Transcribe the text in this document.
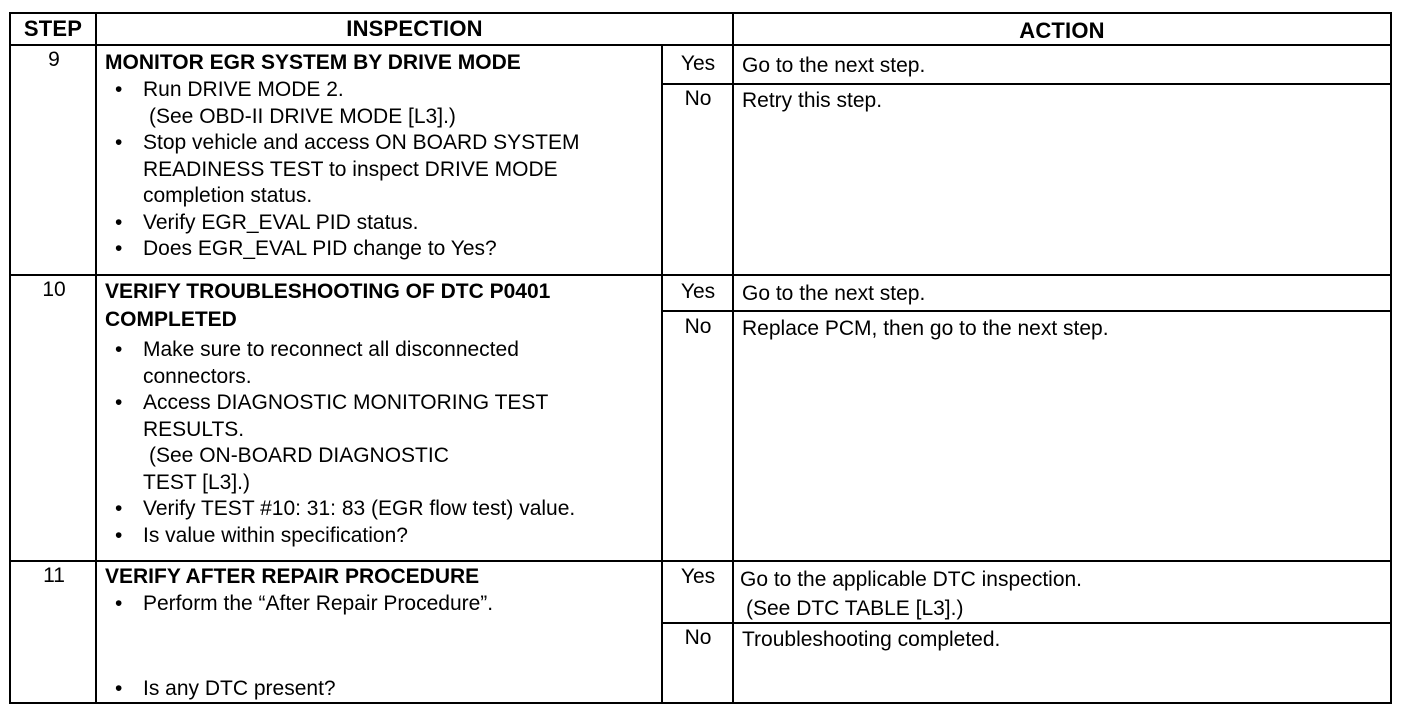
STEP	INSPECTION	ACTION
9	MONITOR EGR SYSTEM BY DRIVE MODE
• Run DRIVE MODE 2.
(See OBD-II DRIVE MODE [L3].)
• Stop vehicle and access ON BOARD SYSTEM
READINESS TEST to inspect DRIVE MODE
completion status.
• Verify EGR_EVAL PID status.
• Does EGR_EVAL PID change to Yes?
Yes	Go to the next step.
No	Retry this step.
10	VERIFY TROUBLESHOOTING OF DTC P0401
COMPLETED
• Make sure to reconnect all disconnected
connectors.
• Access DIAGNOSTIC MONITORING TEST
RESULTS.
(See ON-BOARD DIAGNOSTIC
TEST [L3].)
• Verify TEST #10: 31: 83 (EGR flow test) value.
• Is value within specification?
Yes	Go to the next step.
No	Replace PCM, then go to the next step.
11	VERIFY AFTER REPAIR PROCEDURE
• Perform the “After Repair Procedure”.
• Is any DTC present?
Yes	Go to the applicable DTC inspection.
(See DTC TABLE [L3].)
No	Troubleshooting completed.
